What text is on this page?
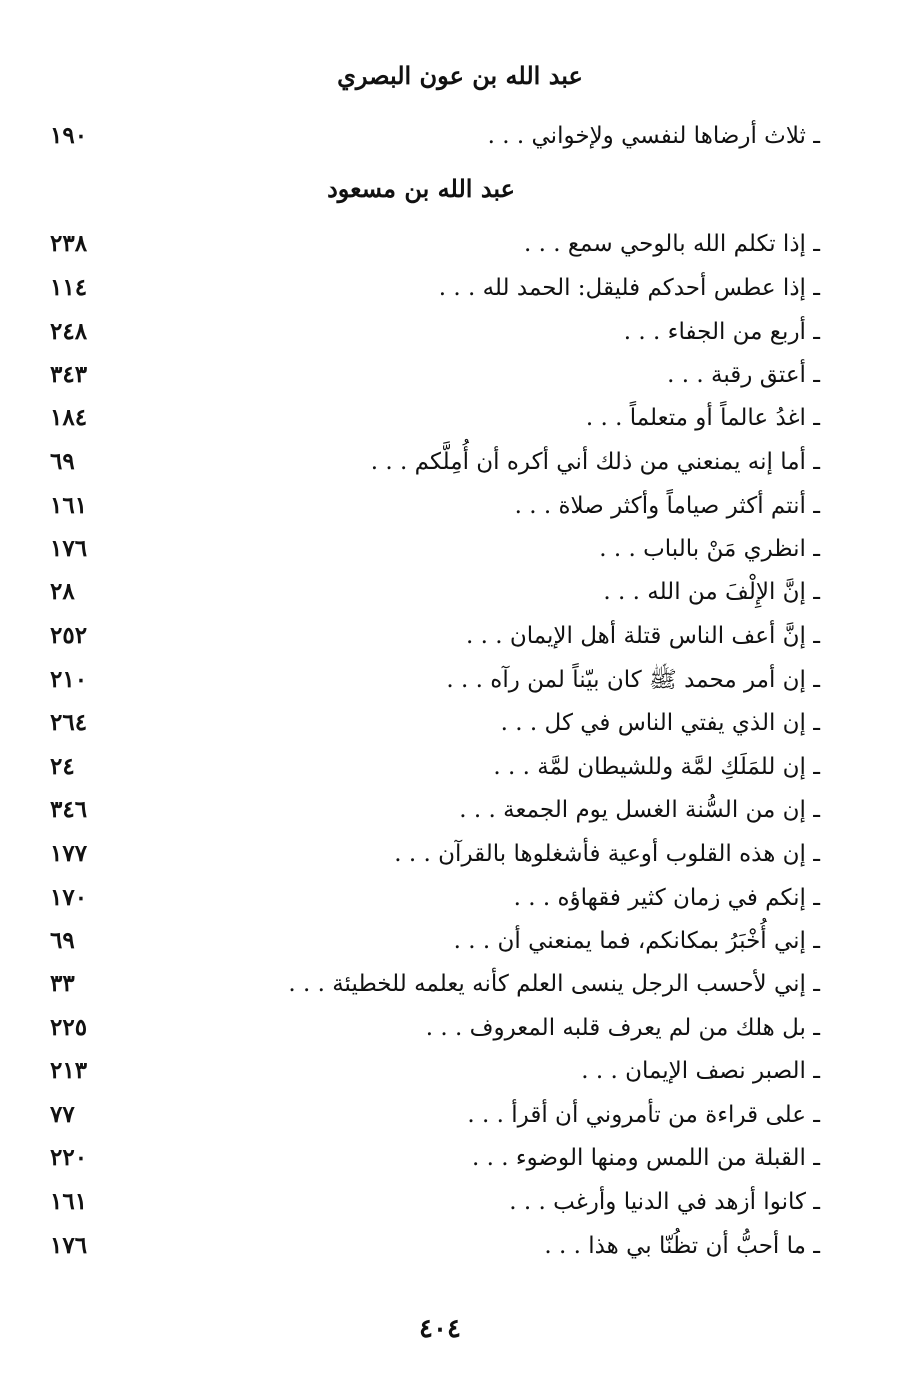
عبد الله بن عون البصري
ـ ثلاث أرضاها لنفسي ولإخواني . . .
١٩٠
عبد الله بن مسعود
ـ إذا تكلم الله بالوحي سمع . . .
٢٣٨
ـ إذا عطس أحدكم فليقل: الحمد لله . . .
١١٤
ـ أربع من الجفاء . . .
٢٤٨
ـ أعتق رقبة . . .
٣٤٣
ـ اغدُ عالماً أو متعلماً . . .
١٨٤
ـ أما إنه يمنعني من ذلك أني أكره أن أُمِلَّكم . . .
٦٩
ـ أنتم أكثر صياماً وأكثر صلاة . . .
١٦١
ـ انظري مَنْ بالباب . . .
١٧٦
ـ إنَّ الإِلْفَ من الله . . .
٢٨
ـ إنَّ أعف الناس قتلة أهل الإيمان . . .
٢٥٢
ـ إن أمر محمد ﷺ كان بيّناً لمن رآه . . .
٢١٠
ـ إن الذي يفتي الناس في كل . . .
٢٦٤
ـ إن للمَلَكِ لمَّة وللشيطان لمَّة . . .
٢٤
ـ إن من السُّنة الغسل يوم الجمعة . . .
٣٤٦
ـ إن هذه القلوب أوعية فأشغلوها بالقرآن . . .
١٧٧
ـ إنكم في زمان كثير فقهاؤه . . .
١٧٠
ـ إني أُخْبَرُ بمكانكم، فما يمنعني أن . . .
٦٩
ـ إني لأحسب الرجل ينسى العلم كأنه يعلمه للخطيئة . . .
٣٣
ـ بل هلك من لم يعرف قلبه المعروف . . .
٢٢٥
ـ الصبر نصف الإيمان . . .
٢١٣
ـ على قراءة من تأمروني أن أقرأ . . .
٧٧
ـ القبلة من اللمس ومنها الوضوء . . .
٢٢٠
ـ كانوا أزهد في الدنيا وأرغب . . .
١٦١
ـ ما أحبُّ أن تظُنّا بي هذا . . .
١٧٦
٤٠٤
